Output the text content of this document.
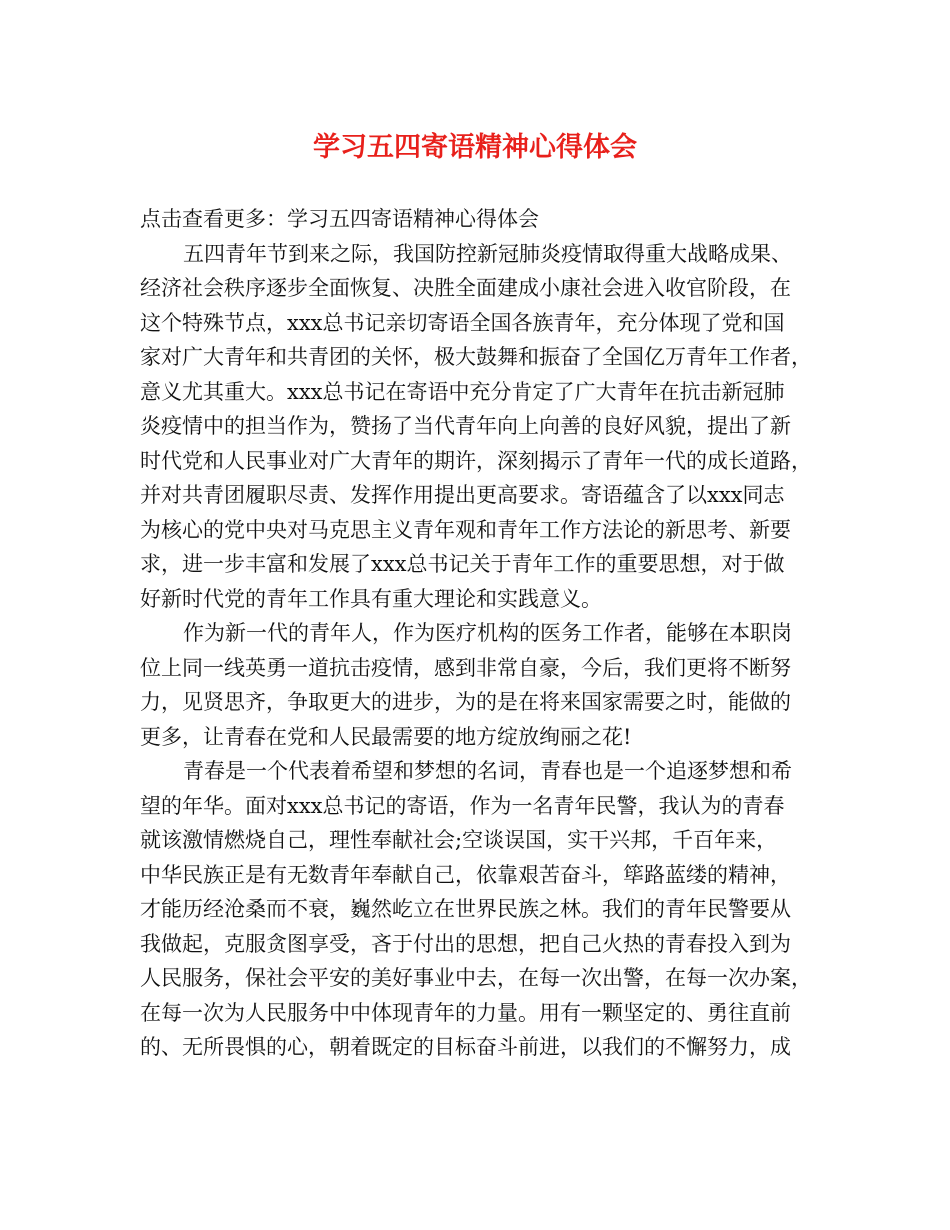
学习五四寄语精神心得体会
点击查看更多：学习五四寄语精神心得体会
五四青年节到来之际，我国防控新冠肺炎疫情取得重大战略成果、
经济社会秩序逐步全面恢复、决胜全面建成小康社会进入收官阶段，在
这个特殊节点，xxx总书记亲切寄语全国各族青年，充分体现了党和国
家对广大青年和共青团的关怀，极大鼓舞和振奋了全国亿万青年工作者，
意义尤其重大。xxx总书记在寄语中充分肯定了广大青年在抗击新冠肺
炎疫情中的担当作为，赞扬了当代青年向上向善的良好风貌，提出了新
时代党和人民事业对广大青年的期许，深刻揭示了青年一代的成长道路，
并对共青团履职尽责、发挥作用提出更高要求。寄语蕴含了以xxx同志
为核心的党中央对马克思主义青年观和青年工作方法论的新思考、新要
求，进一步丰富和发展了xxx总书记关于青年工作的重要思想，对于做
好新时代党的青年工作具有重大理论和实践意义。
作为新一代的青年人，作为医疗机构的医务工作者，能够在本职岗
位上同一线英勇一道抗击疫情，感到非常自豪，今后，我们更将不断努
力，见贤思齐，争取更大的进步，为的是在将来国家需要之时，能做的
更多，让青春在党和人民最需要的地方绽放绚丽之花!
青春是一个代表着希望和梦想的名词，青春也是一个追逐梦想和希
望的年华。面对xxx总书记的寄语，作为一名青年民警，我认为的青春
就该激情燃烧自己，理性奉献社会;空谈误国，实干兴邦，千百年来，
中华民族正是有无数青年奉献自己，依靠艰苦奋斗，筚路蓝缕的精神，
才能历经沧桑而不衰，巍然屹立在世界民族之林。我们的青年民警要从
我做起，克服贪图享受，吝于付出的思想，把自己火热的青春投入到为
人民服务，保社会平安的美好事业中去，在每一次出警，在每一次办案，
在每一次为人民服务中中体现青年的力量。用有一颗坚定的、勇往直前
的、无所畏惧的心，朝着既定的目标奋斗前进，以我们的不懈努力，成
